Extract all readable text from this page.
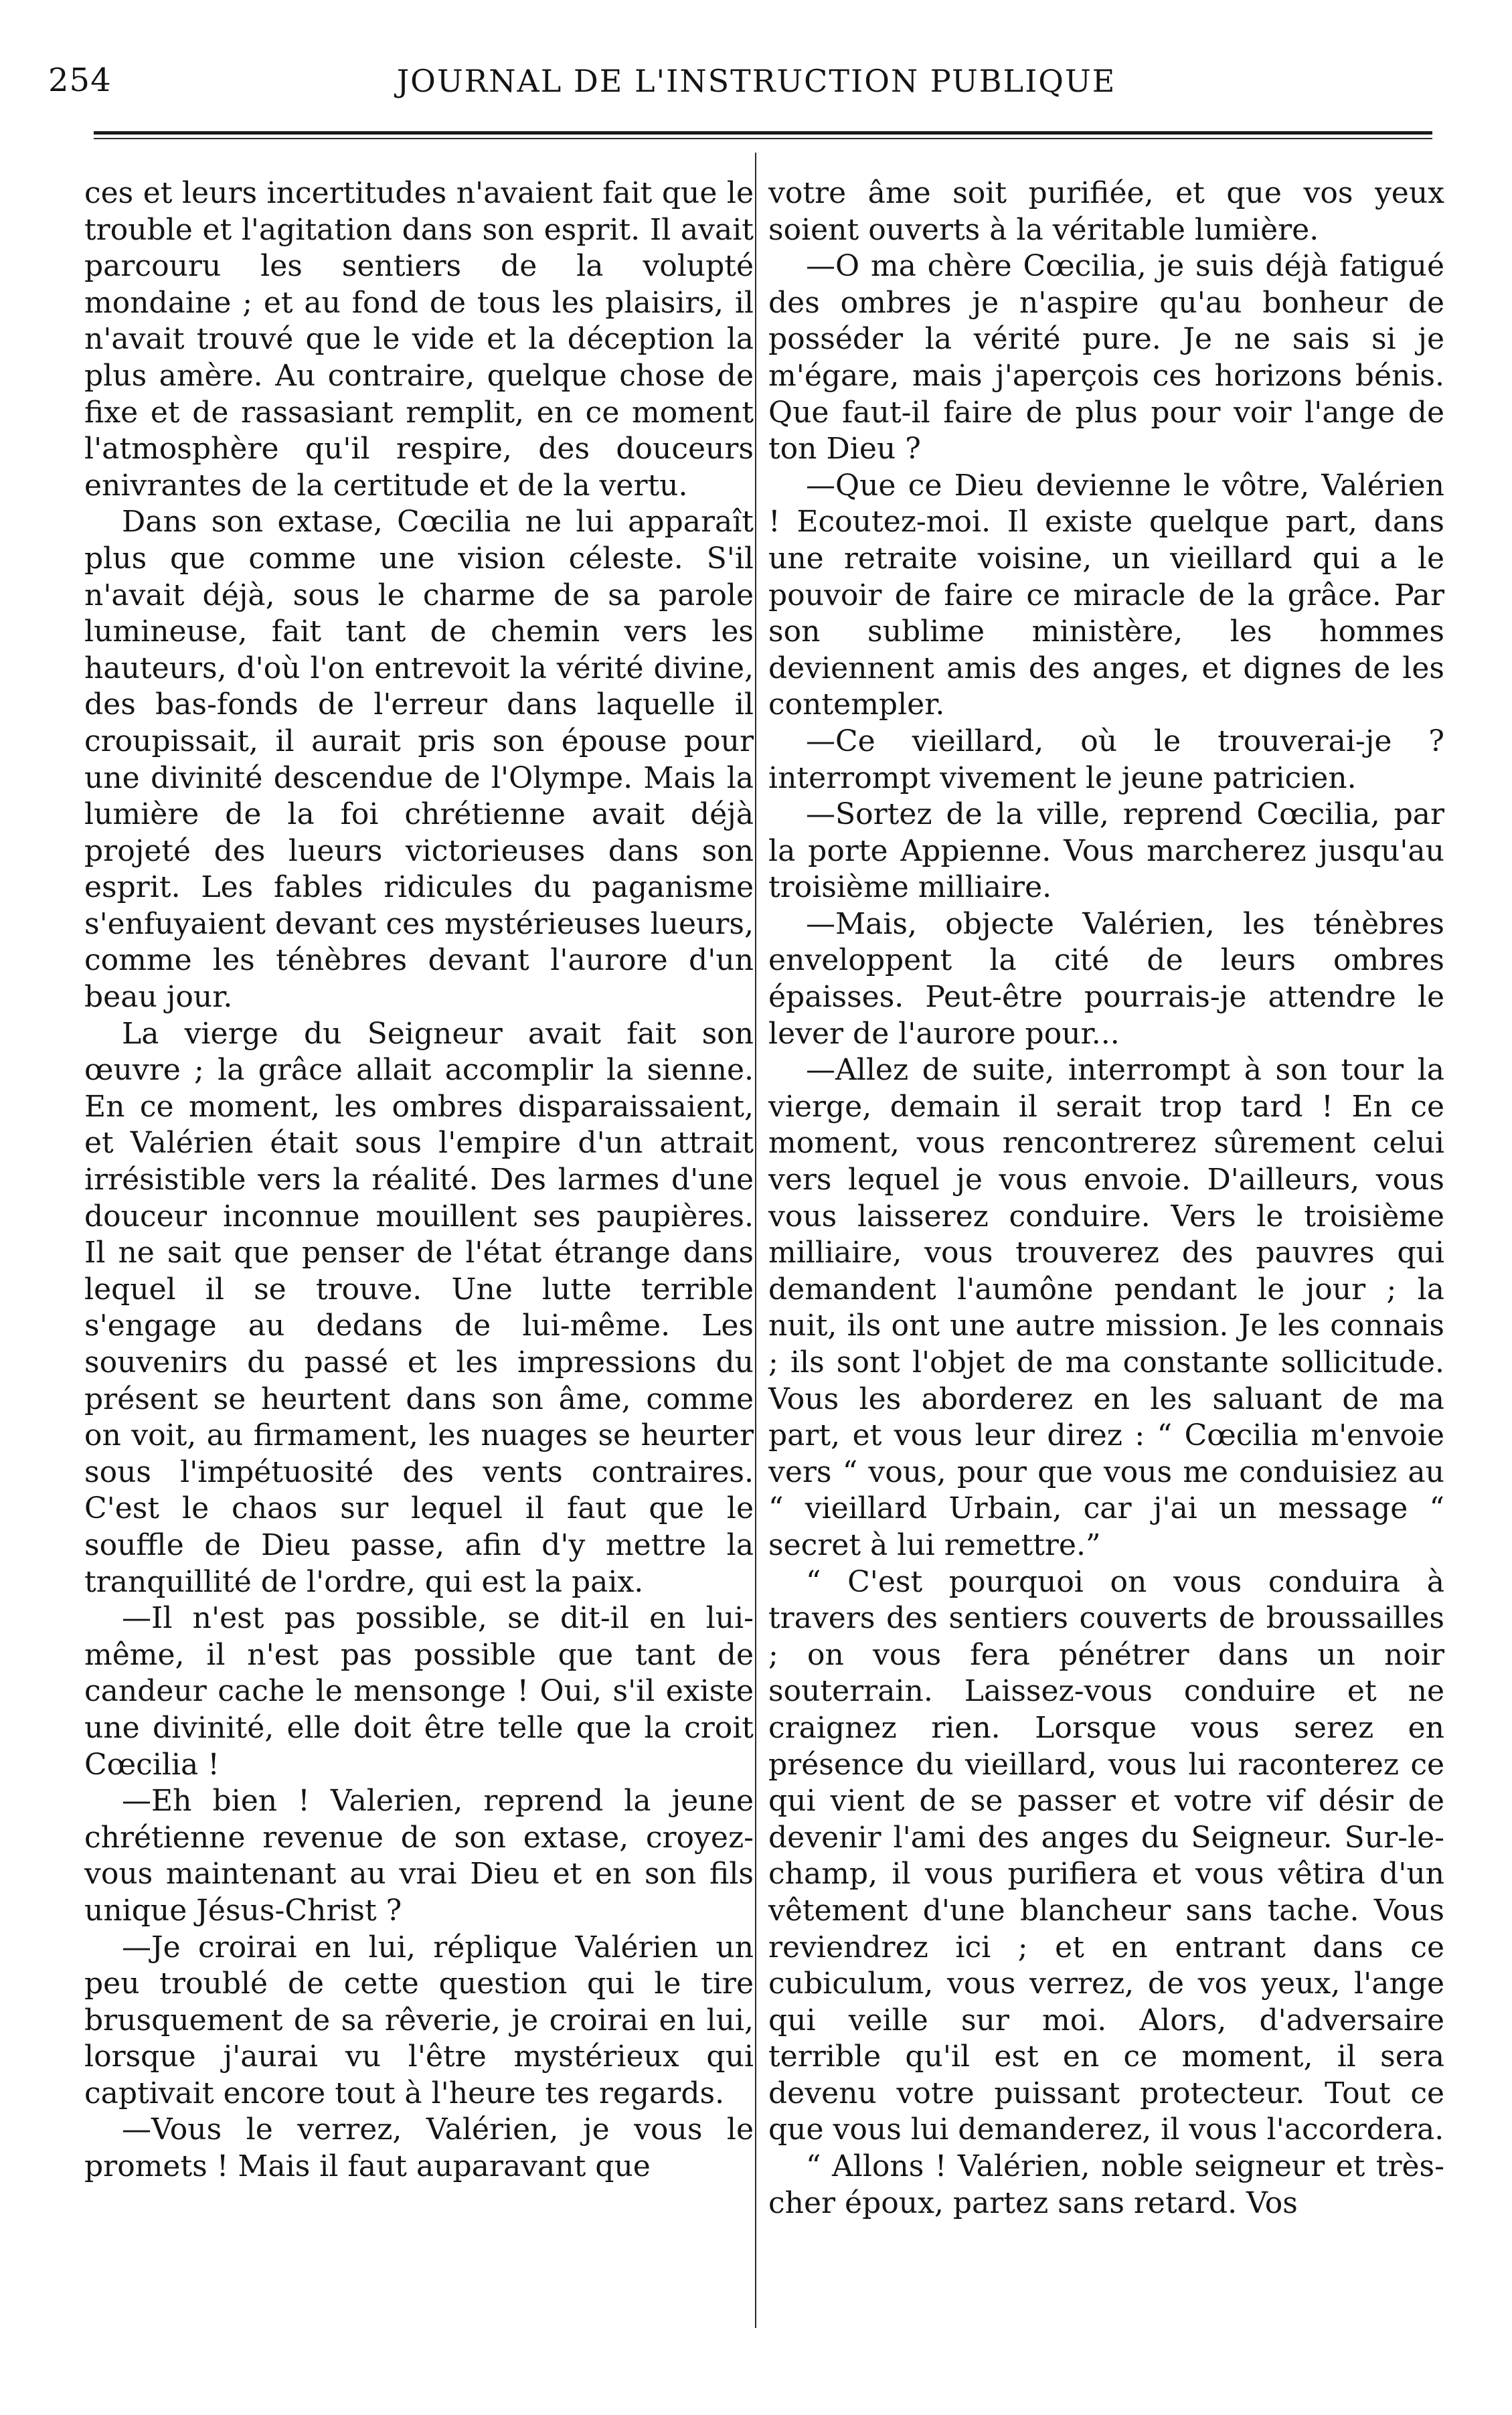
254	JOURNAL DE L'INSTRUCTION PUBLIQUE

ces et leurs incertitudes n'avaient fait que le trouble et l'agitation dans son esprit. Il avait parcouru les sentiers de la volupté mondaine ; et au fond de tous les plaisirs, il n'avait trouvé que le vide et la déception la plus amère. Au contraire, quelque chose de fixe et de rassasiant remplit, en ce moment l'atmosphère qu'il respire, des douceurs enivrantes de la certitude et de la vertu.

Dans son extase, Cœcilia ne lui apparaît plus que comme une vision céleste. S'il n'avait déjà, sous le charme de sa parole lumineuse, fait tant de chemin vers les hauteurs, d'où l'on entrevoit la vérité divine, des bas-fonds de l'erreur dans laquelle il croupissait, il aurait pris son épouse pour une divinité descendue de l'Olympe. Mais la lumière de la foi chrétienne avait déjà projeté des lueurs victorieuses dans son esprit. Les fables ridicules du paganisme s'enfuyaient devant ces mystérieuses lueurs, comme les ténèbres devant l'aurore d'un beau jour.

La vierge du Seigneur avait fait son œuvre ; la grâce allait accomplir la sienne. En ce moment, les ombres disparaissaient, et Valérien était sous l'empire d'un attrait irrésistible vers la réalité. Des larmes d'une douceur inconnue mouillent ses paupières. Il ne sait que penser de l'état étrange dans lequel il se trouve. Une lutte terrible s'engage au dedans de lui-même. Les souvenirs du passé et les impressions du présent se heurtent dans son âme, comme on voit, au firmament, les nuages se heurter sous l'impétuosité des vents contraires. C'est le chaos sur lequel il faut que le souffle de Dieu passe, afin d'y mettre la tranquillité de l'ordre, qui est la paix.

—Il n'est pas possible, se dit-il en lui-même, il n'est pas possible que tant de candeur cache le mensonge ! Oui, s'il existe une divinité, elle doit être telle que la croit Cœcilia !

—Eh bien ! Valerien, reprend la jeune chrétienne revenue de son extase, croyez-vous maintenant au vrai Dieu et en son fils unique Jésus-Christ ?

—Je croirai en lui, réplique Valérien un peu troublé de cette question qui le tire brusquement de sa rêverie, je croirai en lui, lorsque j'aurai vu l'être mystérieux qui captivait encore tout à l'heure tes regards.

—Vous le verrez, Valérien, je vous le promets ! Mais il faut auparavant que

votre âme soit purifiée, et que vos yeux soient ouverts à la véritable lumière.

—O ma chère Cœcilia, je suis déjà fatigué des ombres je n'aspire qu'au bonheur de posséder la vérité pure. Je ne sais si je m'égare, mais j'aperçois ces horizons bénis. Que faut-il faire de plus pour voir l'ange de ton Dieu ?

—Que ce Dieu devienne le vôtre, Valérien ! Ecoutez-moi. Il existe quelque part, dans une retraite voisine, un vieillard qui a le pouvoir de faire ce miracle de la grâce. Par son sublime ministère, les hommes deviennent amis des anges, et dignes de les contempler.

—Ce vieillard, où le trouverai-je ? interrompt vivement le jeune patricien.

—Sortez de la ville, reprend Cœcilia, par la porte Appienne. Vous marcherez jusqu'au troisième milliaire.

—Mais, objecte Valérien, les ténèbres enveloppent la cité de leurs ombres épaisses. Peut-être pourrais-je attendre le lever de l'aurore pour...

—Allez de suite, interrompt à son tour la vierge, demain il serait trop tard ! En ce moment, vous rencontrerez sûrement celui vers lequel je vous envoie. D'ailleurs, vous vous laisserez conduire. Vers le troisième milliaire, vous trouverez des pauvres qui demandent l'aumône pendant le jour ; la nuit, ils ont une autre mission. Je les connais ; ils sont l'objet de ma constante sollicitude. Vous les aborderez en les saluant de ma part, et vous leur direz : “ Cœcilia m'envoie vers “ vous, pour que vous me conduisiez au “ vieillard Urbain, car j'ai un message “ secret à lui remettre.”

“ C'est pourquoi on vous conduira à travers des sentiers couverts de broussailles ; on vous fera pénétrer dans un noir souterrain. Laissez-vous conduire et ne craignez rien. Lorsque vous serez en présence du vieillard, vous lui raconterez ce qui vient de se passer et votre vif désir de devenir l'ami des anges du Seigneur. Sur-le-champ, il vous purifiera et vous vêtira d'un vêtement d'une blancheur sans tache. Vous reviendrez ici ; et en entrant dans ce cubiculum, vous verrez, de vos yeux, l'ange qui veille sur moi. Alors, d'adversaire terrible qu'il est en ce moment, il sera devenu votre puissant protecteur. Tout ce que vous lui demanderez, il vous l'accordera.

“ Allons ! Valérien, noble seigneur et très-cher époux, partez sans retard. Vos
